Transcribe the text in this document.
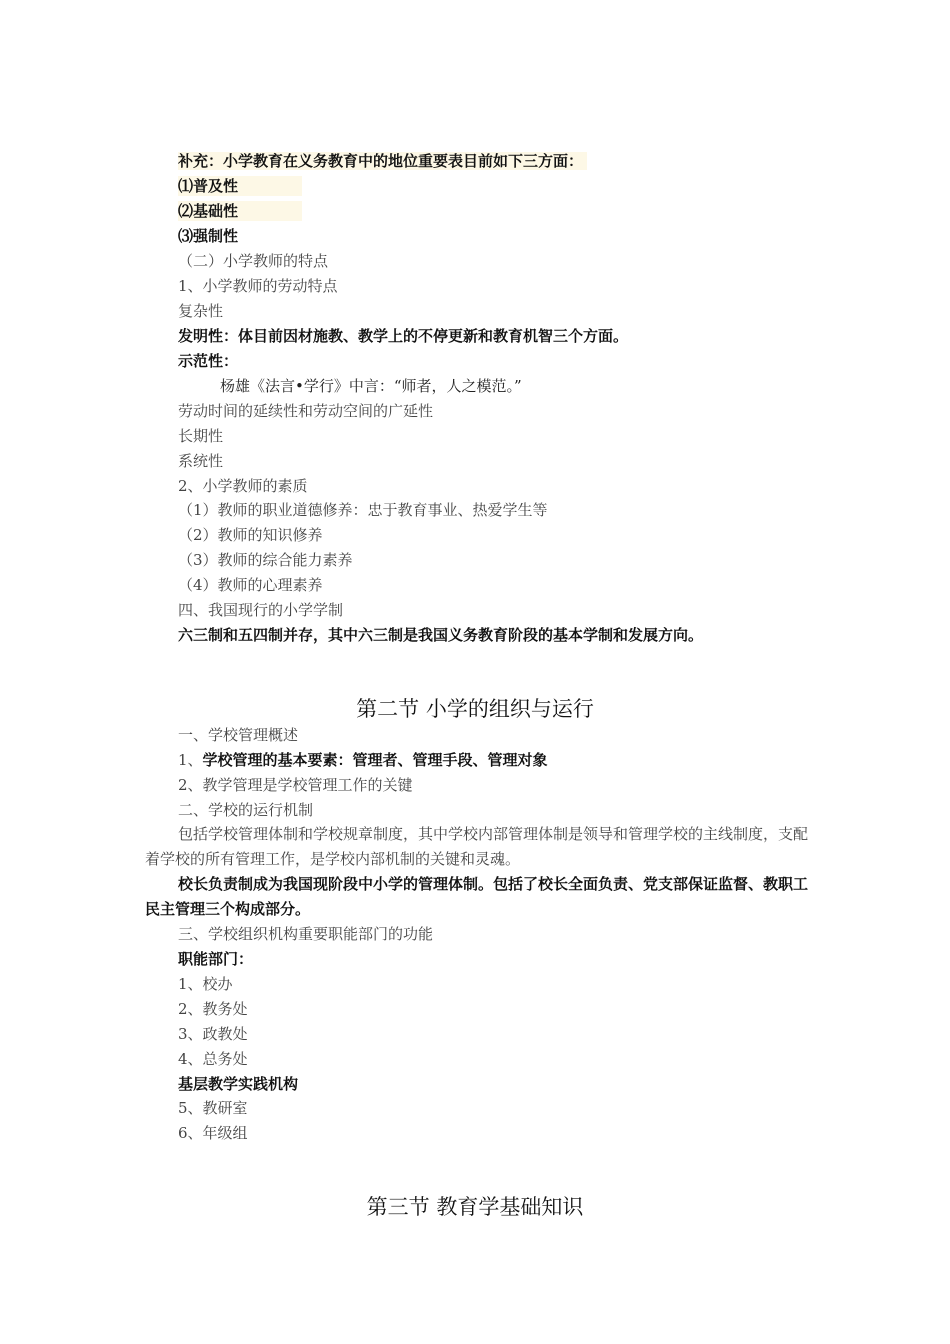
补充：小学教育在义务教育中的地位重要表目前如下三方面：
⑴普及性
⑵基础性
⑶强制性
（二）小学教师的特点
1、小学教师的劳动特点
复杂性
发明性：体目前因材施教、教学上的不停更新和教育机智三个方面。
示范性：
杨雄《法言•学行》中言：“师者，人之模范。”
劳动时间的延续性和劳动空间的广延性
长期性
系统性
2、小学教师的素质
（1）教师的职业道德修养：忠于教育事业、热爱学生等
（2）教师的知识修养
（3）教师的综合能力素养
（4）教师的心理素养
四、我国现行的小学学制
六三制和五四制并存，其中六三制是我国义务教育阶段的基本学制和发展方向。
第二节 小学的组织与运行
一、学校管理概述
1、学校管理的基本要素：管理者、管理手段、管理对象
2、教学管理是学校管理工作的关键
二、学校的运行机制
包括学校管理体制和学校规章制度，其中学校内部管理体制是领导和管理学校的主线制度，支配着学校的所有管理工作，是学校内部机制的关键和灵魂。
校长负责制成为我国现阶段中小学的管理体制。包括了校长全面负责、党支部保证监督、教职工民主管理三个构成部分。
三、学校组织机构重要职能部门的功能
职能部门：
1、校办
2、教务处
3、政教处
4、总务处
基层教学实践机构
5、教研室
6、年级组
第三节 教育学基础知识
